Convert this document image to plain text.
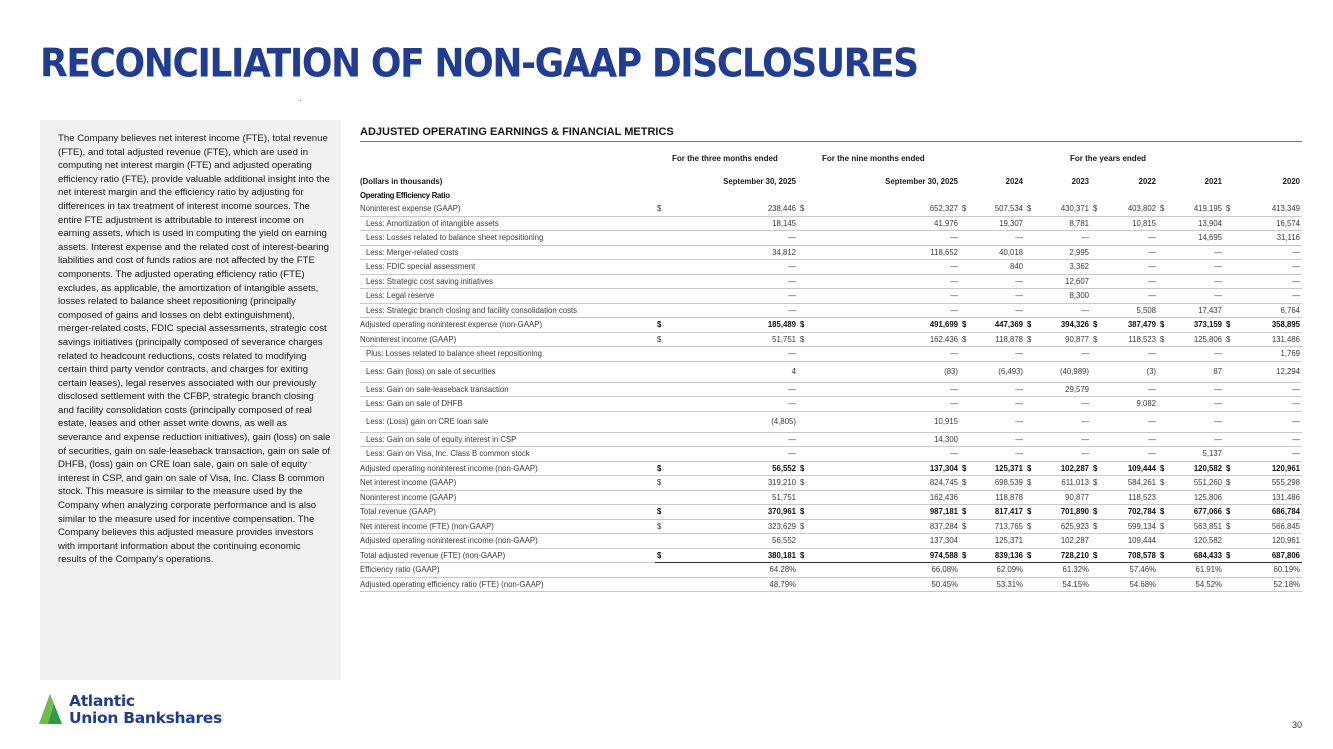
RECONCILIATION OF NON-GAAP DISCLOSURES

The Company believes net interest income (FTE), total revenue (FTE), and total adjusted revenue (FTE), which are used in computing net interest margin (FTE) and adjusted operating efficiency ratio (FTE), provide valuable additional insight into the net interest margin and the efficiency ratio by adjusting for differences in tax treatment of interest income sources. The entire FTE adjustment is attributable to interest income on earning assets, which is used in computing the yield on earning assets. Interest expense and the related cost of interest-bearing liabilities and cost of funds ratios are not affected by the FTE components. The adjusted operating efficiency ratio (FTE) excludes, as applicable, the amortization of intangible assets, losses related to balance sheet repositioning (principally composed of gains and losses on debt extinguishment), merger-related costs, FDIC special assessments, strategic cost savings initiatives (principally composed of severance charges related to headcount reductions, costs related to modifying certain third party vendor contracts, and charges for exiting certain leases), legal reserves associated with our previously disclosed settlement with the CFBP, strategic branch closing and facility consolidation costs (principally composed of real estate, leases and other asset write downs, as well as severance and expense reduction initiatives), gain (loss) on sale of securities, gain on sale-leaseback transaction, gain on sale of DHFB, (loss) gain on CRE loan sale, gain on sale of equity interest in CSP, and gain on sale of Visa, Inc. Class B common stock. This measure is similar to the measure used by the Company when analyzing corporate performance and is also similar to the measure used for incentive compensation. The Company believes this adjusted measure provides investors with important information about the continuing economic results of the Company's operations.

ADJUSTED OPERATING EARNINGS & FINANCIAL METRICS
For the three months ended	For the nine months ended	For the years ended
(Dollars in thousands)		September 30, 2025		September 30, 2025		2024		2023		2022		2021		2020
Operating Efficiency Ratio														
Noninterest expense (GAAP)	$	238,446	$	652,327	$	507,534	$	430,371	$	403,802	$	419,195	$	413,349
Less: Amortization of intangible assets		18,145		41,976		19,307		8,781		10,815		13,904		16,574
Less: Losses related to balance sheet repositioning		—		—		—		—		—		14,695		31,116
Less: Merger-related costs		34,812		118,652		40,018		2,995		—		—		—
Less: FDIC special assessment		—		—		840		3,362		—		—		—
Less: Strategic cost saving initiatives		—		—		—		12,607		—		—		—
Less: Legal reserve		—		—		—		8,300		—		—		—
Less: Strategic branch closing and facility consolidation costs		—		—		—		—		5,508		17,437		6,764
Adjusted operating noninterest expense (non-GAAP)	$	185,489	$	491,699	$	447,369	$	394,326	$	387,479	$	373,159	$	358,895
Noninterest income (GAAP)	$	51,751	$	162,436	$	118,878	$	90,877	$	118,523	$	125,806	$	131,486
Plus: Losses related to balance sheet repositioning		—		—		—		—		—		—		1,769
Less: Gain (loss) on sale of securities		4		(83)		(6,493)		(40,989)		(3)		87		12,294
Less: Gain on sale-leaseback transaction		—		—		—		29,579		—		—		—
Less: Gain on sale of DHFB		—		—		—		—		9,082		—		—
Less: (Loss) gain on CRE loan sale		(4,805)		10,915		—		—		—		—		—
Less: Gain on sale of equity interest in CSP		—		14,300		—		—		—		—		—
Less: Gain on Visa, Inc. Class B common stock		—		—		—		—		—		5,137		—
Adjusted operating noninterest income (non-GAAP)	$	56,552	$	137,304	$	125,371	$	102,287	$	109,444	$	120,582	$	120,961
Net interest income (GAAP)	$	319,210	$	824,745	$	698,539	$	611,013	$	584,261	$	551,260	$	555,298
Noninterest income (GAAP)		51,751		162,436		118,878		90,877		118,523		125,806		131,486
Total revenue (GAAP)	$	370,961	$	987,181	$	817,417	$	701,890	$	702,784	$	677,066	$	686,784
Net interest income (FTE) (non-GAAP)	$	323,629	$	837,284	$	713,765	$	625,923	$	599,134	$	563,851	$	566,845
Adjusted operating noninterest income (non-GAAP)		56,552		137,304		125,371		102,287		109,444		120,582		120,961
Total adjusted revenue (FTE) (non-GAAP)	$	380,181	$	974,588	$	839,136	$	728,210	$	708,578	$	684,433	$	687,806
Efficiency ratio (GAAP)		64.28%		66.08%		62.09%		61.32%		57.46%		61.91%		60.19%
Adjusted operating efficiency ratio (FTE) (non-GAAP)		48.79%		50.45%		53.31%		54.15%		54.68%		54.52%		52.18%
Atlantic
Union Bankshares	30
